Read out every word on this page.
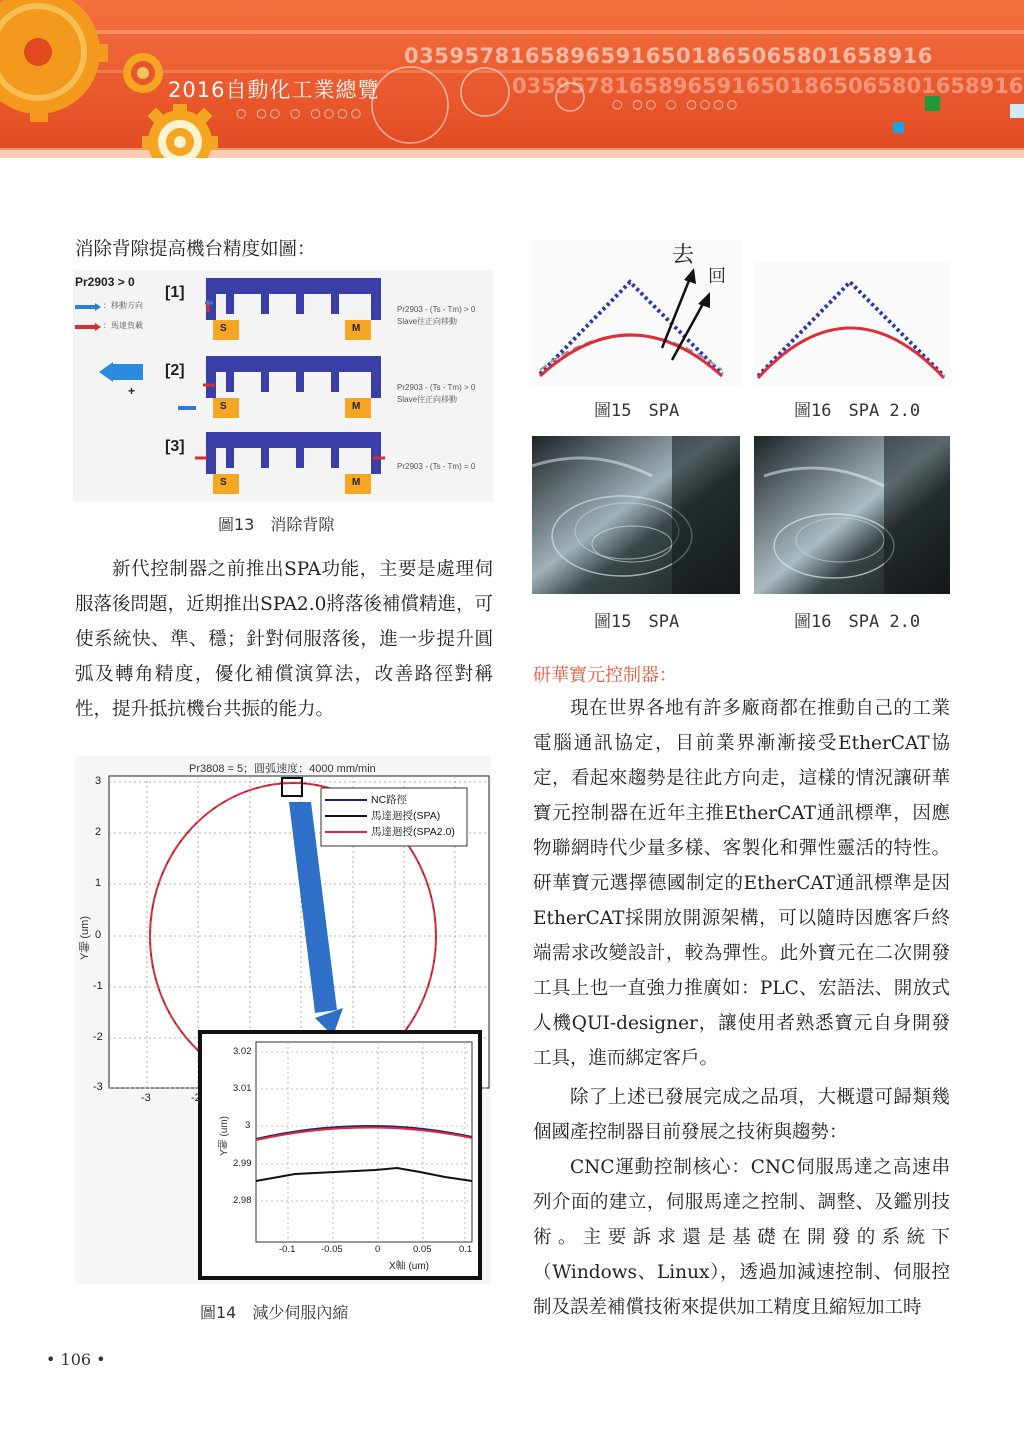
035957816589659165018650658016589​16
035957816589659165018650658016589​16
2016自動化工業總覽
○ ○○ ○ ○○○○
○ ○○ ○ ○○○○
消除背隙提高機台精度如圖：
Pr2903 > 0
：移動方向
：馬達負載
+
[1]
[2]
[3]
S	M
S	M
S	M
Pr2903 - (Ts - Tm) > 0
Slave往正向移動
Pr2903 - (Ts - Tm) > 0
Slave往正向移動
Pr2903 - (Ts - Tm) = 0
圖13　消除背隙
新代控制器之前推出SPA功能，主要是處理伺服落後問題，近期推出SPA2.0將落後補償精進，可使系統快、準、穩；針對伺服落後，進一步提升圓弧及轉角精度，優化補償演算法，改善路徑對稱性，提升抵抗機台共振的能力。
Pr3808 = 5；圓弧速度：4000 mm/min
Y軸 (um)
3
2
1
0
-1
-2
-3
-3	-2
NC路徑
馬達迴授(SPA)
馬達迴授(SPA2.0)
Y軸 (um)
3.02
3.01
3
2.99
2.98
-0.1	-0.05	0	0.05	0.1
X軸 (um)
圖14　減少伺服內縮
去
回
圖15　SPA	圖16　SPA 2.0
圖15　SPA	圖16　SPA 2.0
研華寶元控制器：
現在世界各地有許多廠商都在推動自己的工業電腦通訊協定，目前業界漸漸接受EtherCAT協定，看起來趨勢是往此方向走，這樣的情況讓研華寶元控制器在近年主推EtherCAT通訊標準，因應物聯網時代少量多樣、客製化和彈性靈活的特性。研華寶元選擇德國制定的EtherCAT通訊標準是因EtherCAT採開放開源架構，可以隨時因應客戶終端需求改變設計，較為彈性。此外寶元在二次開發工具上也一直強力推廣如：PLC、宏語法、開放式人機QUI-designer，讓使用者熟悉寶元自身開發工具，進而綁定客戶。
除了上述已發展完成之品項，大概還可歸類幾個國產控制器目前發展之技術與趨勢：
CNC運動控制核心：CNC伺服馬達之高速串列介面的建立，伺服馬達之控制、調整、及鑑別技術。主要訴求還是基礎在開發的系統下（Windows、Linux），透過加減速控制、伺服控制及誤差補償技術來提供加工精度且縮短加工時
• 106 •
